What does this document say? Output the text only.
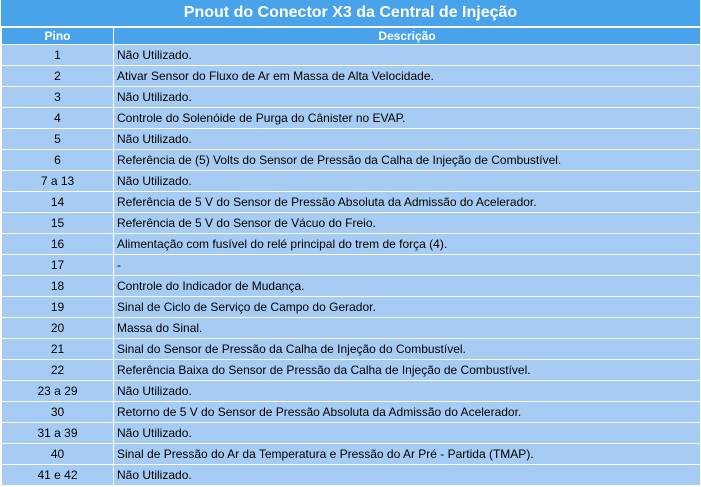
Pnout do Conector X3 da Central de Injeção
Pino	Descrição
1	Não Utilizado.
2	Ativar Sensor do Fluxo de Ar em Massa de Alta Velocidade.
3	Não Utilizado.
4	Controle do Solenóide de Purga do Cânister no EVAP.
5	Não Utilizado.
6	Referência de (5) Volts do Sensor de Pressão da Calha de Injeção de Combustível.
7 a 13	Não Utilizado.
14	Referência de 5 V do Sensor de Pressão Absoluta da Admissão do Acelerador.
15	Referência de 5 V do Sensor de Vácuo do Freio.
16	Alimentação com fusível do relé principal do trem de força (4).
17	-
18	Controle do Indicador de Mudança.
19	Sinal de Ciclo de Serviço de Campo do Gerador.
20	Massa do Sinal.
21	Sinal do Sensor de Pressão da Calha de Injeção do Combustível.
22	Referência Baixa do Sensor de Pressão da Calha de Injeção de Combustível.
23 a 29	Não Utilizado.
30	Retorno de 5 V do Sensor de Pressão Absoluta da Admissão do Acelerador.
31 a 39	Não Utilizado.
40	Sinal de Pressão do Ar da Temperatura e Pressão do Ar Pré - Partida (TMAP).
41 e 42	Não Utilizado.
